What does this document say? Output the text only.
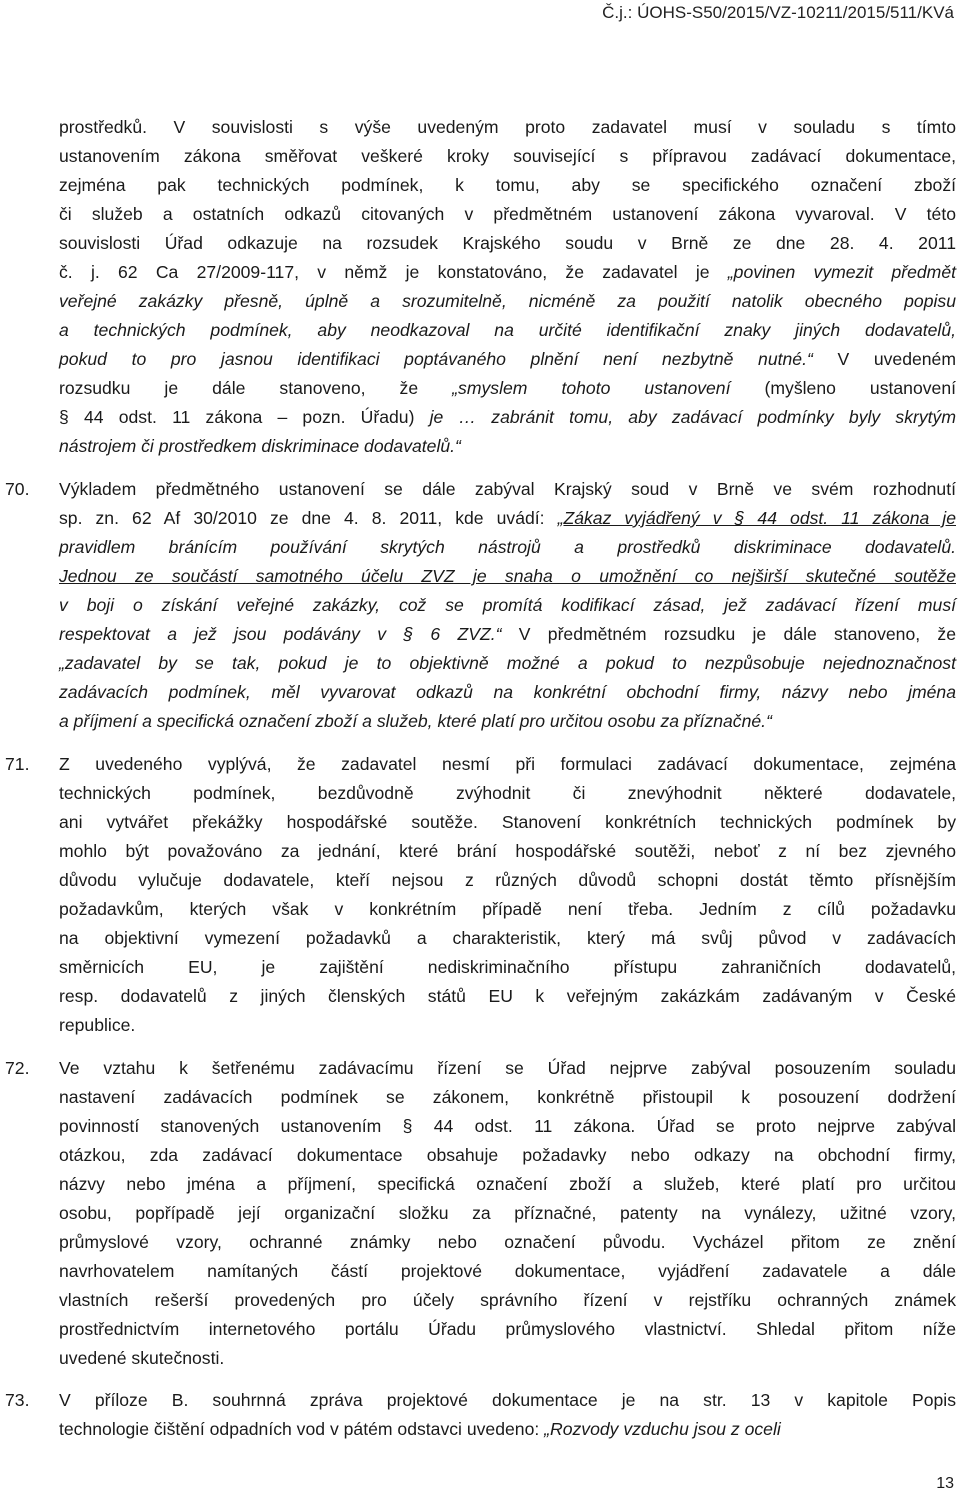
Č.j.: ÚOHS-S50/2015/VZ-10211/2015/511/KVá
prostředků. V souvislosti s výše uvedeným proto zadavatel musí v souladu s tímto
ustanovením zákona směřovat veškeré kroky související s přípravou zadávací dokumentace,
zejména pak technických podmínek, k tomu, aby se specifického označení zboží
či služeb a ostatních odkazů citovaných v předmětném ustanovení zákona vyvaroval. V této
souvislosti Úřad odkazuje na rozsudek Krajského soudu v Brně ze dne 28. 4. 2011
č. j. 62 Ca 27/2009-117, v němž je konstatováno, že zadavatel je „povinen vymezit předmět
veřejné zakázky přesně, úplně a srozumitelně, nicméně za použití natolik obecného popisu
a technických podmínek, aby neodkazoval na určité identifikační znaky jiných dodavatelů,
pokud to pro jasnou identifikaci poptávaného plnění není nezbytně nutné.“ V uvedeném
rozsudku je dále stanoveno, že „smyslem tohoto ustanovení (myšleno ustanovení
§ 44 odst. 11 zákona – pozn. Úřadu) je … zabránit tomu, aby zadávací podmínky byly skrytým
nástrojem či prostředkem diskriminace dodavatelů.“
70. Výkladem předmětného ustanovení se dále zabýval Krajský soud v Brně ve svém rozhodnutí
sp. zn. 62 Af 30/2010 ze dne 4. 8. 2011, kde uvádí: „Zákaz vyjádřený v § 44 odst. 11 zákona je
pravidlem bránícím používání skrytých nástrojů a prostředků diskriminace dodavatelů.
Jednou ze součástí samotného účelu ZVZ je snaha o umožnění co nejširší skutečné soutěže
v boji o získání veřejné zakázky, což se promítá kodifikací zásad, jež zadávací řízení musí
respektovat a jež jsou podávány v § 6 ZVZ.“ V předmětném rozsudku je dále stanoveno, že
„zadavatel by se tak, pokud je to objektivně možné a pokud to nezpůsobuje nejednoznačnost
zadávacích podmínek, měl vyvarovat odkazů na konkrétní obchodní firmy, názvy nebo jména
a příjmení a specifická označení zboží a služeb, které platí pro určitou osobu za příznačné.“
71. Z uvedeného vyplývá, že zadavatel nesmí při formulaci zadávací dokumentace, zejména
technických podmínek, bezdůvodně zvýhodnit či znevýhodnit některé dodavatele,
ani vytvářet překážky hospodářské soutěže. Stanovení konkrétních technických podmínek by
mohlo být považováno za jednání, které brání hospodářské soutěži, neboť z ní bez zjevného
důvodu vylučuje dodavatele, kteří nejsou z různých důvodů schopni dostát těmto přísnějším
požadavkům, kterých však v konkrétním případě není třeba. Jedním z cílů požadavku
na objektivní vymezení požadavků a charakteristik, který má svůj původ v zadávacích
směrnicích EU, je zajištění nediskriminačního přístupu zahraničních dodavatelů,
resp. dodavatelů z jiných členských států EU k veřejným zakázkám zadávaným v České
republice.
72. Ve vztahu k šetřenému zadávacímu řízení se Úřad nejprve zabýval posouzením souladu
nastavení zadávacích podmínek se zákonem, konkrétně přistoupil k posouzení dodržení
povinností stanovených ustanovením § 44 odst. 11 zákona. Úřad se proto nejprve zabýval
otázkou, zda zadávací dokumentace obsahuje požadavky nebo odkazy na obchodní firmy,
názvy nebo jména a příjmení, specifická označení zboží a služeb, které platí pro určitou
osobu, popřípadě její organizační složku za příznačné, patenty na vynálezy, užitné vzory,
průmyslové vzory, ochranné známky nebo označení původu. Vycházel přitom ze znění
navrhovatelem namítaných částí projektové dokumentace, vyjádření zadavatele a dále
vlastních rešerší provedených pro účely správního řízení v rejstříku ochranných známek
prostřednictvím internetového portálu Úřadu průmyslového vlastnictví. Shledal přitom níže
uvedené skutečnosti.
73. V příloze B. souhrnná zpráva projektové dokumentace je na str. 13 v kapitole Popis
technologie čištění odpadních vod v pátém odstavci uvedeno: „Rozvody vzduchu jsou z oceli
13
